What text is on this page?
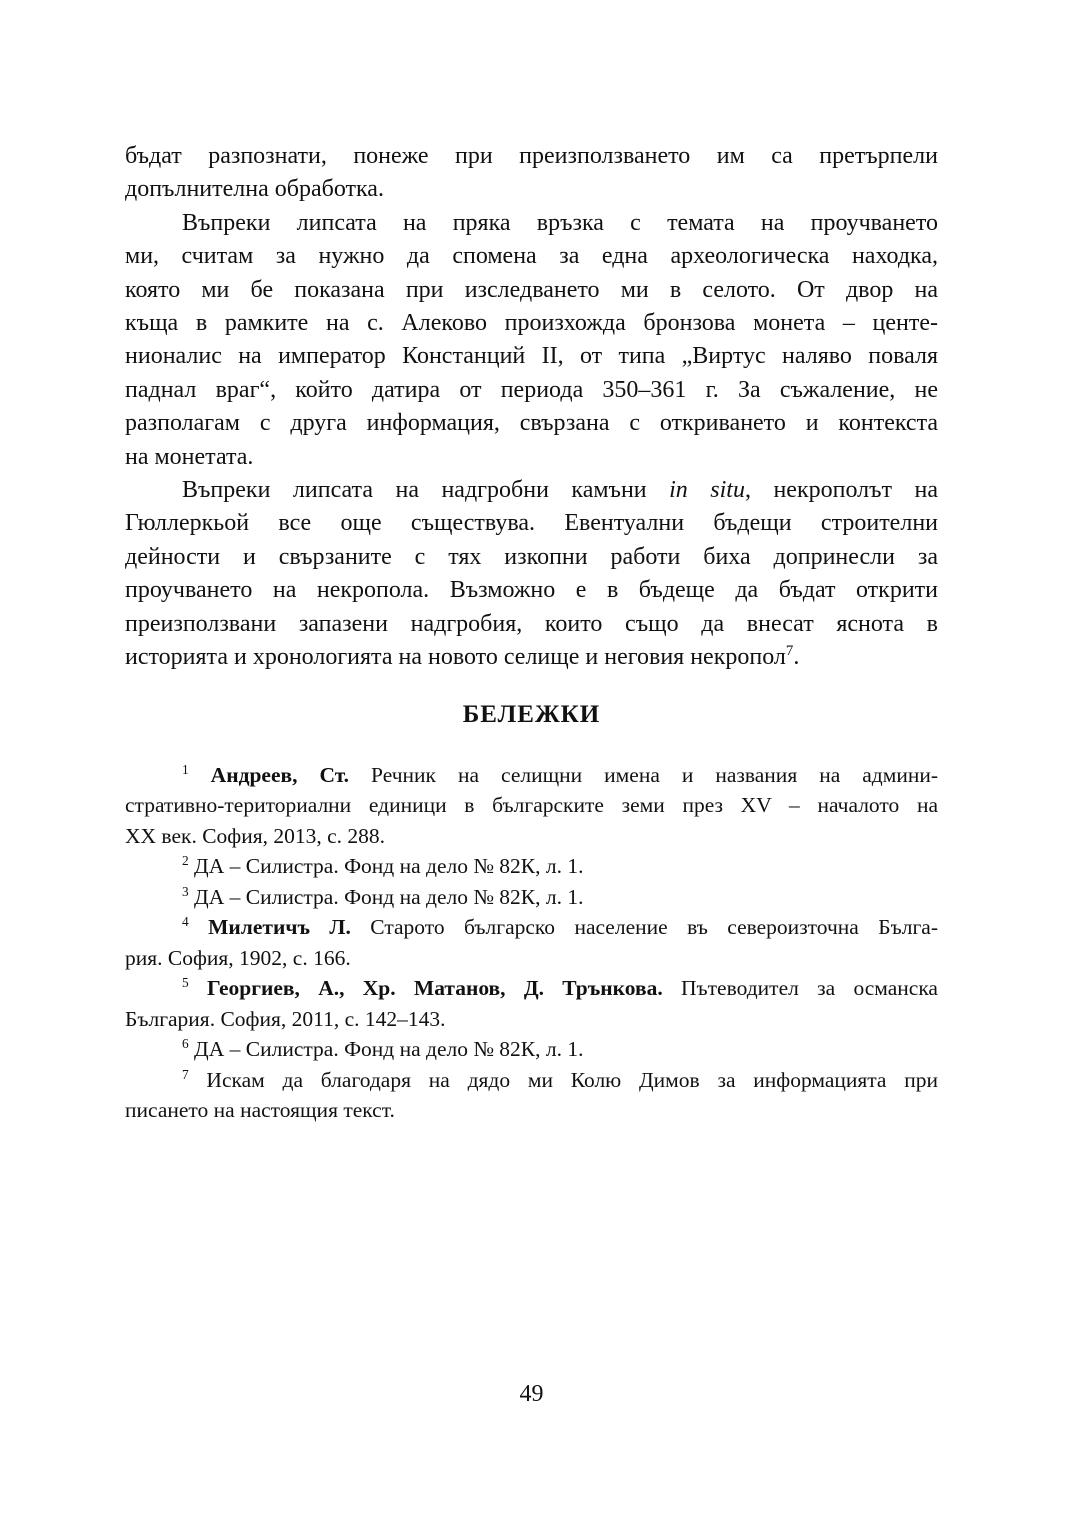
бъдат разпознати, понеже при преизползването им са претърпели
допълнителна обработка.
Въпреки липсата на пряка връзка с темата на проучването
ми, считам за нужно да спомена за една археологическа находка,
която ми бе показана при изследването ми в селото. От двор на
къща в рамките на с. Алеково произхожда бронзова монета – центе-
нионалис на император Констанций II, от типа „Виртус наляво поваля
паднал враг“, който датира от периода 350–361 г. За съжаление, не
разполагам с друга информация, свързана с откриването и контекста
на монетата.
Въпреки липсата на надгробни камъни in situ, некрополът на
Гюллеркьой все още съществува. Евентуални бъдещи строителни
дейности и свързаните с тях изкопни работи биха допринесли за
проучването на некропола. Възможно е в бъдеще да бъдат открити
преизползвани запазени надгробия, които също да внесат яснота в
историята и хронологията на новото селище и неговия некропол$^7$.
БЕЛЕЖКИ
$^1$ Андреев, Ст. Речник на селищни имена и названия на админи-
стративно-териториални единици в българските земи през XV – началото на
XX век. София, 2013, с. 288.
$^2$ ДА – Силистра. Фонд на дело № 82К, л. 1.
$^3$ ДА – Силистра. Фонд на дело № 82К, л. 1.
$^4$ Милетичъ Л. Старото българско население въ североизточна Бълга-
рия. София, 1902, с. 166.
$^5$ Георгиев, А., Хр. Матанов, Д. Трънкова. Пътеводител за османска
България. София, 2011, с. 142–143.
$^6$ ДА – Силистра. Фонд на дело № 82К, л. 1.
$^7$ Искам да благодаря на дядо ми Колю Димов за информацията при
писането на настоящия текст.
49
